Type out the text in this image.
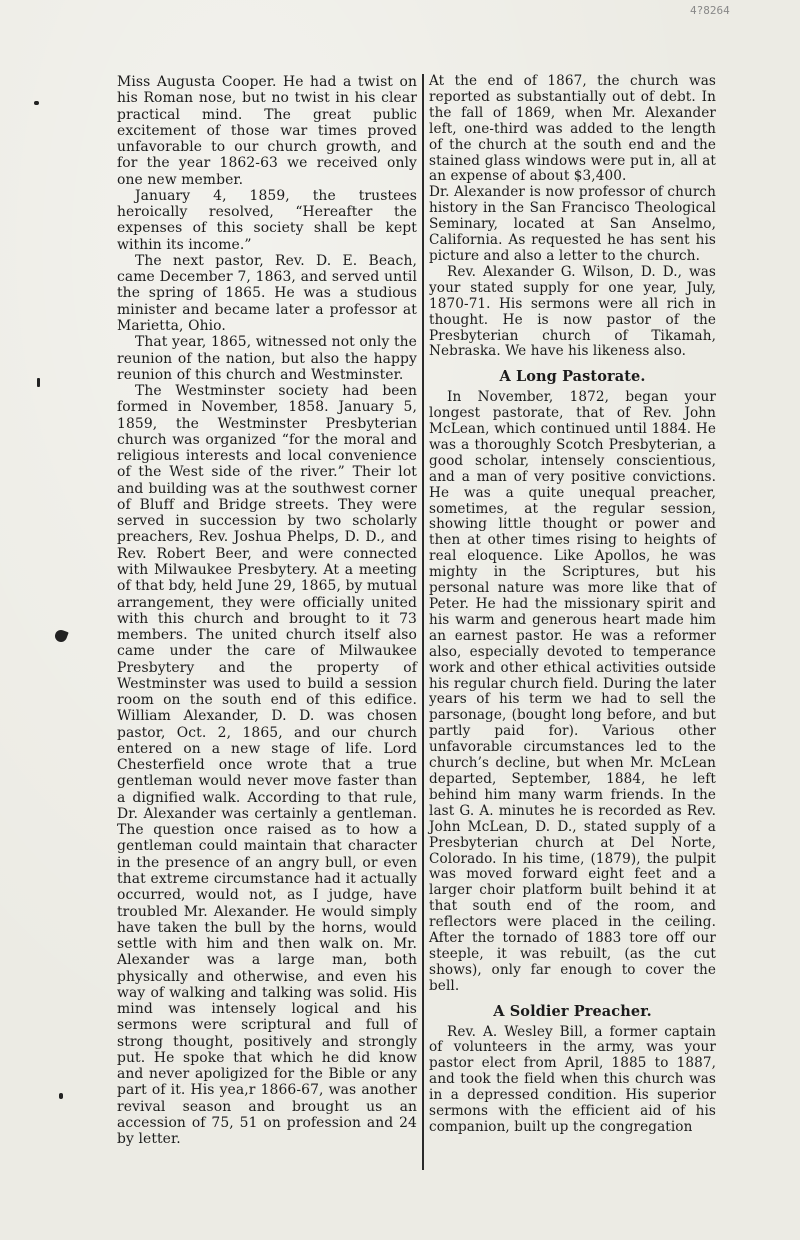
4?8264

Miss Augusta Cooper. He had a twist on his Roman nose, but no twist in his clear practical mind. The great public excitement of those war times proved unfavorable to our church growth, and for the year 1862-63 we received only one new member.

January 4, 1859, the trustees heroically resolved, “Hereafter the expenses of this society shall be kept within its income.”

The next pastor, Rev. D. E. Beach, came December 7, 1863, and served until the spring of 1865. He was a studious minister and became later a professor at Marietta, Ohio.

That year, 1865, witnessed not only the reunion of the nation, but also the happy reunion of this church and Westminster.

The Westminster society had been formed in November, 1858. January 5, 1859, the Westminster Presbyterian church was organized “for the moral and religious interests and local convenience of the West side of the river.” Their lot and building was at the southwest corner of Bluff and Bridge streets. They were served in succession by two scholarly preachers, Rev. Joshua Phelps, D. D., and Rev. Robert Beer, and were connected with Milwaukee Presbytery. At a meeting of that bdy, held June 29, 1865, by mutual arrangement, they were officially united with this church and brought to it 73 members. The united church itself also came under the care of Milwaukee Presbytery and the property of Westminster was used to build a session room on the south end of this edifice. William Alexander, D. D. was chosen pastor, Oct. 2, 1865, and our church entered on a new stage of life. Lord Chesterfield once wrote that a true gentleman would never move faster than a dignified walk. According to that rule, Dr. Alexander was certainly a gentleman. The question once raised as to how a gentleman could maintain that character in the presence of an angry bull, or even that extreme circumstance had it actually occurred, would not, as I judge, have troubled Mr. Alexander. He would simply have taken the bull by the horns, would settle with him and then walk on. Mr. Alexander was a large man, both physically and otherwise, and even his way of walking and talking was solid. His mind was intensely logical and his sermons were scriptural and full of strong thought, positively and strongly put. He spoke that which he did know and never apoligized for the Bible or any part of it. His yea,r 1866-67, was another revival season and brought us an accession of 75, 51 on profession and 24 by letter.

At the end of 1867, the church was reported as substantially out of debt. In the fall of 1869, when Mr. Alexander left, one-third was added to the length of the church at the south end and the stained glass windows were put in, all at an expense of about $3,400.

Dr. Alexander is now professor of church history in the San Francisco Theological Seminary, located at San Anselmo, California. As requested he has sent his picture and also a letter to the church.

Rev. Alexander G. Wilson, D. D., was your stated supply for one year, July, 1870-71. His sermons were all rich in thought. He is now pastor of the Presbyterian church of Tikamah, Nebraska. We have his likeness also.

A Long Pastorate.

In November, 1872, began your longest pastorate, that of Rev. John McLean, which continued until 1884. He was a thoroughly Scotch Presbyterian, a good scholar, intensely conscientious, and a man of very positive convictions. He was a quite unequal preacher, sometimes, at the regular session, showing little thought or power and then at other times rising to heights of real eloquence. Like Apollos, he was mighty in the Scriptures, but his personal nature was more like that of Peter. He had the missionary spirit and his warm and generous heart made him an earnest pastor. He was a reformer also, especially devoted to temperance work and other ethical activities outside his regular church field. During the later years of his term we had to sell the parsonage, (bought long before, and but partly paid for). Various other unfavorable circumstances led to the church’s decline, but when Mr. McLean departed, September, 1884, he left behind him many warm friends. In the last G. A. minutes he is recorded as Rev. John McLean, D. D., stated supply of a Presbyterian church at Del Norte, Colorado. In his time, (1879), the pulpit was moved forward eight feet and a larger choir platform built behind it at that south end of the room, and reflectors were placed in the ceiling. After the tornado of 1883 tore off our steeple, it was rebuilt, (as the cut shows), only far enough to cover the bell.

A Soldier Preacher.

Rev. A. Wesley Bill, a former captain of volunteers in the army, was your pastor elect from April, 1885 to 1887, and took the field when this church was in a depressed condition. His superior sermons with the efficient aid of his companion, built up the congregation
